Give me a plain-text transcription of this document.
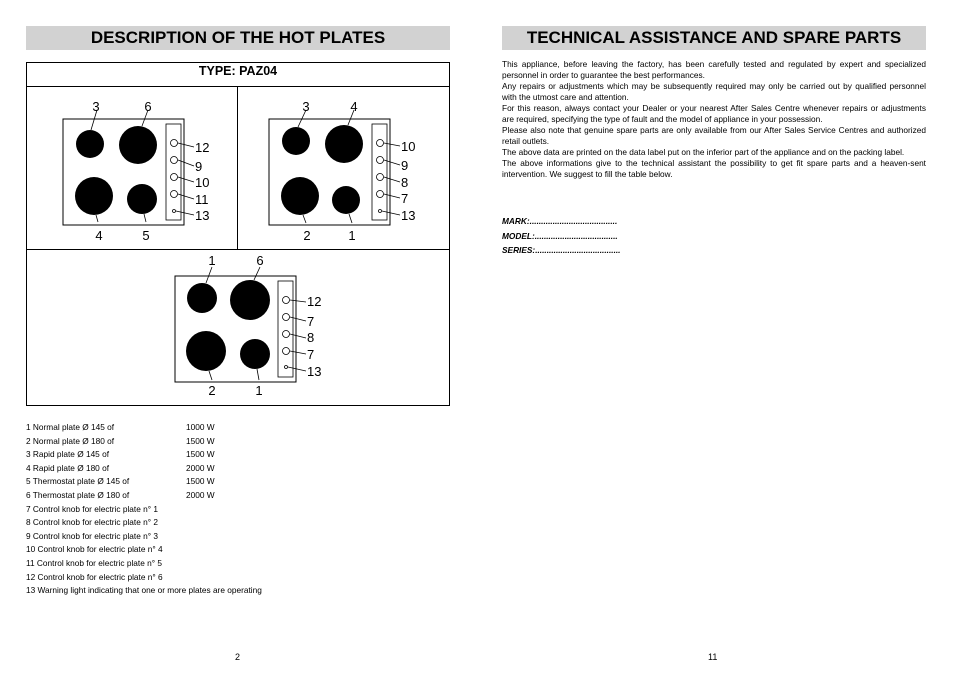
DESCRIPTION OF THE HOT PLATES
TYPE: PAZ04
3	6
4	5
12
9
10
11
13
3	4
2	1
10
9
8
7
13
1	6
2	1
12
7
8
7
13
1 Normal plate Ø 145 of	1000 W
2 Normal plate Ø 180 of	1500 W
3 Rapid plate Ø 145 of	1500 W
4 Rapid plate Ø 180 of	2000 W
5 Thermostat plate Ø 145 of	1500 W
6 Thermostat plate Ø 180 of	2000 W
7 Control knob for electric plate n° 1
8 Control knob for electric plate n° 2
9 Control knob for electric plate n° 3
10 Control knob for electric plate n° 4
11 Control knob for electric plate n° 5
12 Control knob for electric plate n° 6
13 Warning light indicating that one or more plates are operating
2
TECHNICAL ASSISTANCE AND SPARE PARTS

This appliance, before leaving the factory, has been carefully tested and regulated by expert and specialized personnel in order to guarantee the best performances.

Any repairs or adjustments which may be subsequently required may only be carried out by qualified personnel with the utmost care and attention.

For this reason, always contact your Dealer or your nearest After Sales Centre whenever repairs or adjustments are required, specifying the type of fault and the model of appliance in your possession.

Please also note that genuine spare parts are only available from our After Sales Service Centres and authorized retail outlets.

The above data are printed on the data label put on the inferior part of the appliance and on the packing label.

The above informations give to the technical assistant the possibility to get fit spare parts and a heaven-sent intervention. We suggest to fill the table below.

MARK:......................................
MODEL:....................................
SERIES:.....................................
11
